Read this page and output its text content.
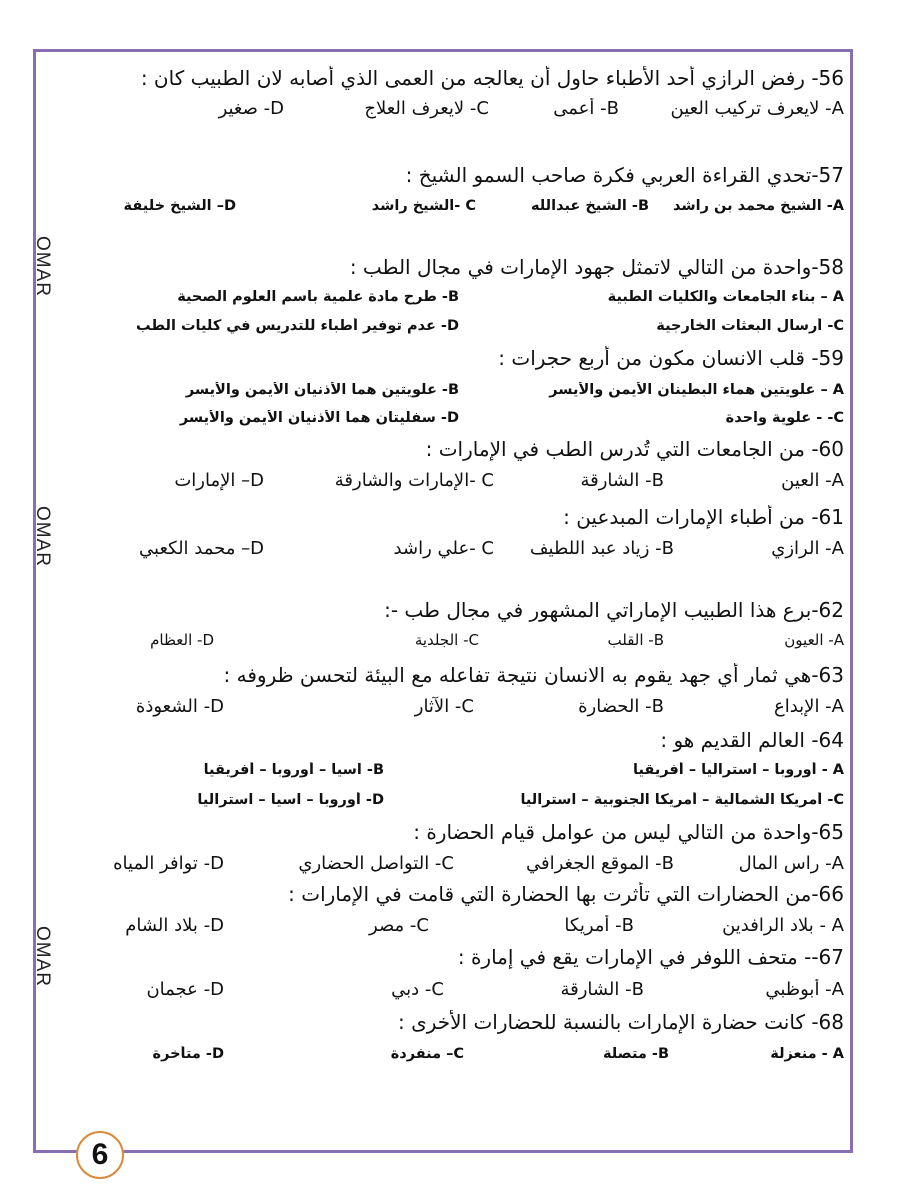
OMAR
OMAR
OMAR
56- رفض الرازي أحد الأطباء حاول أن يعالجه من العمى الذي أصابه لان الطبيب كان :
A- لايعرف تركيب العين
B- أعمى
C- لايعرف العلاج
D- صغير
57-تحدي القراءة العربي فكرة صاحب السمو الشيخ :
A- الشيخ محمد بن راشد
B- الشيخ عبدالله
C -الشيخ راشد
D– الشيخ خليفة
58-واحدة من التالي لاتمثل جهود الإمارات في مجال الطب :
A – بناء الجامعات والكليات الطبية
B- طرح مادة علمية باسم العلوم الصحية
C- أرسال البعثات الخارجية
D- عدم توفير أطباء للتدريس في كليات الطب
59- قلب الانسان مكون من أربع حجرات :
A – علويتين هماء البطينان الأيمن والأيسر
B- علويتين هما الأذنيان الأيمن والأيسر
C- - علوية واحدة
D- سفليتان هما الأذنيان الأيمن والأيسر
60- من الجامعات التي تُدرس الطب في الإمارات :
A- العين
B- الشارقة
C -الإمارات والشارقة
D– الإمارات
61- من أطباء الإمارات المبدعين :
A- الرازي
B- زياد عبد اللطيف
C -علي راشد
D– محمد الكعبي
62-برع هذا الطبيب الإماراتي المشهور في مجال طب -:
A- العيون
B- القلب
C- الجلدية
D- العظام
63-هي ثمار أي جهد يقوم به الانسان نتيجة تفاعله مع البيئة لتحسن ظروفه :
A- الإبداع
B- الحضارة
C- الآثار
D- الشعوذة
64- العالم القديم هو :
A - أوروبا – استراليا – أفريقيا
B- آسيا – أوروبا – أفريقيا
C- أمريكا الشمالية – أمريكا الجنوبية – استراليا
D- أوروبا – آسيا – استراليا
65-واحدة من التالي ليس من عوامل قيام الحضارة :
A- راس المال
B- الموقع الجغرافي
C- التواصل الحضاري
D- توافر المياه
66-من الحضارات التي تأثرت بها الحضارة التي قامت في الإمارات :
A - بلاد الرافدين
B- أمريكا
C- مصر
D- بلاد الشام
67-- متحف اللوفر في الإمارات يقع في إمارة :
A- أبوظبي
B- الشارقة
C- دبي
D- عجمان
68- كانت حضارة الإمارات بالنسبة للحضارات الأخرى :
A - منعزلة
B- متصلة
C– منفردة
D- متأخرة
6
